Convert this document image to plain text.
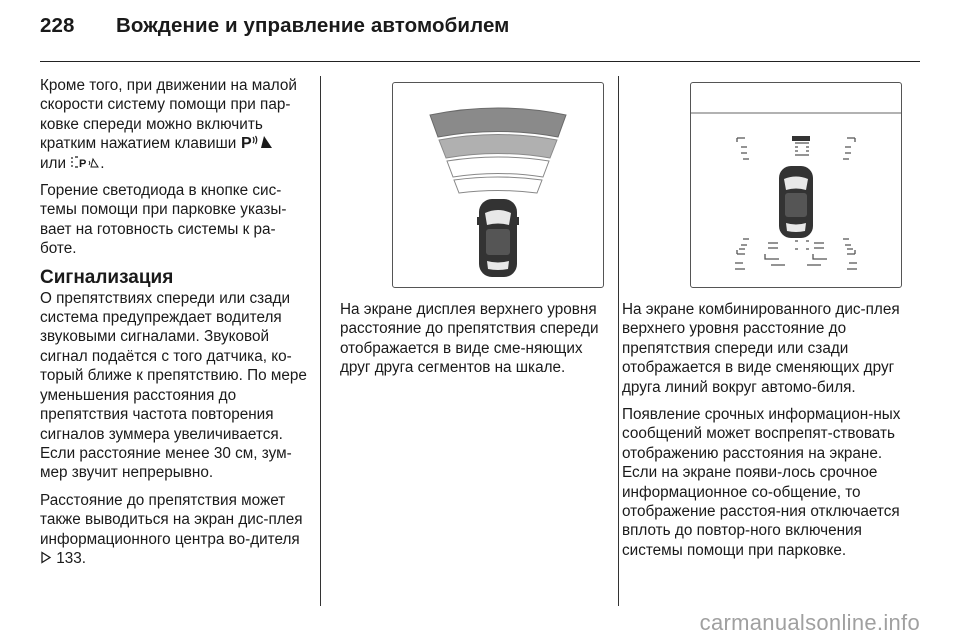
228 Вождение и управление автомобилем

Кроме того, при движении на малой скорости систему помощи при пар-ковке спереди можно включить кратким нажатием клавиши P

или P .

Горение светодиода в кнопке сис-темы помощи при парковке указы-вает на готовность системы к ра-боте.

Сигнализация

О препятствиях спереди или сзади система предупреждает водителя звуковыми сигналами. Звуковой сигнал подаётся с того датчика, ко-торый ближе к препятствию. По мере уменьшения расстояния до препятствия частота повторения сигналов зуммера увеличивается. Если расстояние менее 30 см, зум-мер звучит непрерывно.

Расстояние до препятствия может также выводиться на экран дис-плея информационного центра во-дителя  133.

На экране дисплея верхнего уровня расстояние до препятствия спереди отображается в виде сме-няющих друг друга сегментов на шкале.

На экране комбинированного дис-плея верхнего уровня расстояние до препятствия спереди или сзади отображается в виде сменяющих друг друга линий вокруг автомо-биля.

Появление срочных информацион-ных сообщений может воспрепят-ствовать отображению расстояния на экране. Если на экране появи-лось срочное информационное со-общение, то отображение расстоя-ния отключается вплоть до повтор-ного включения системы помощи при парковке.

carmanualsonline.info
